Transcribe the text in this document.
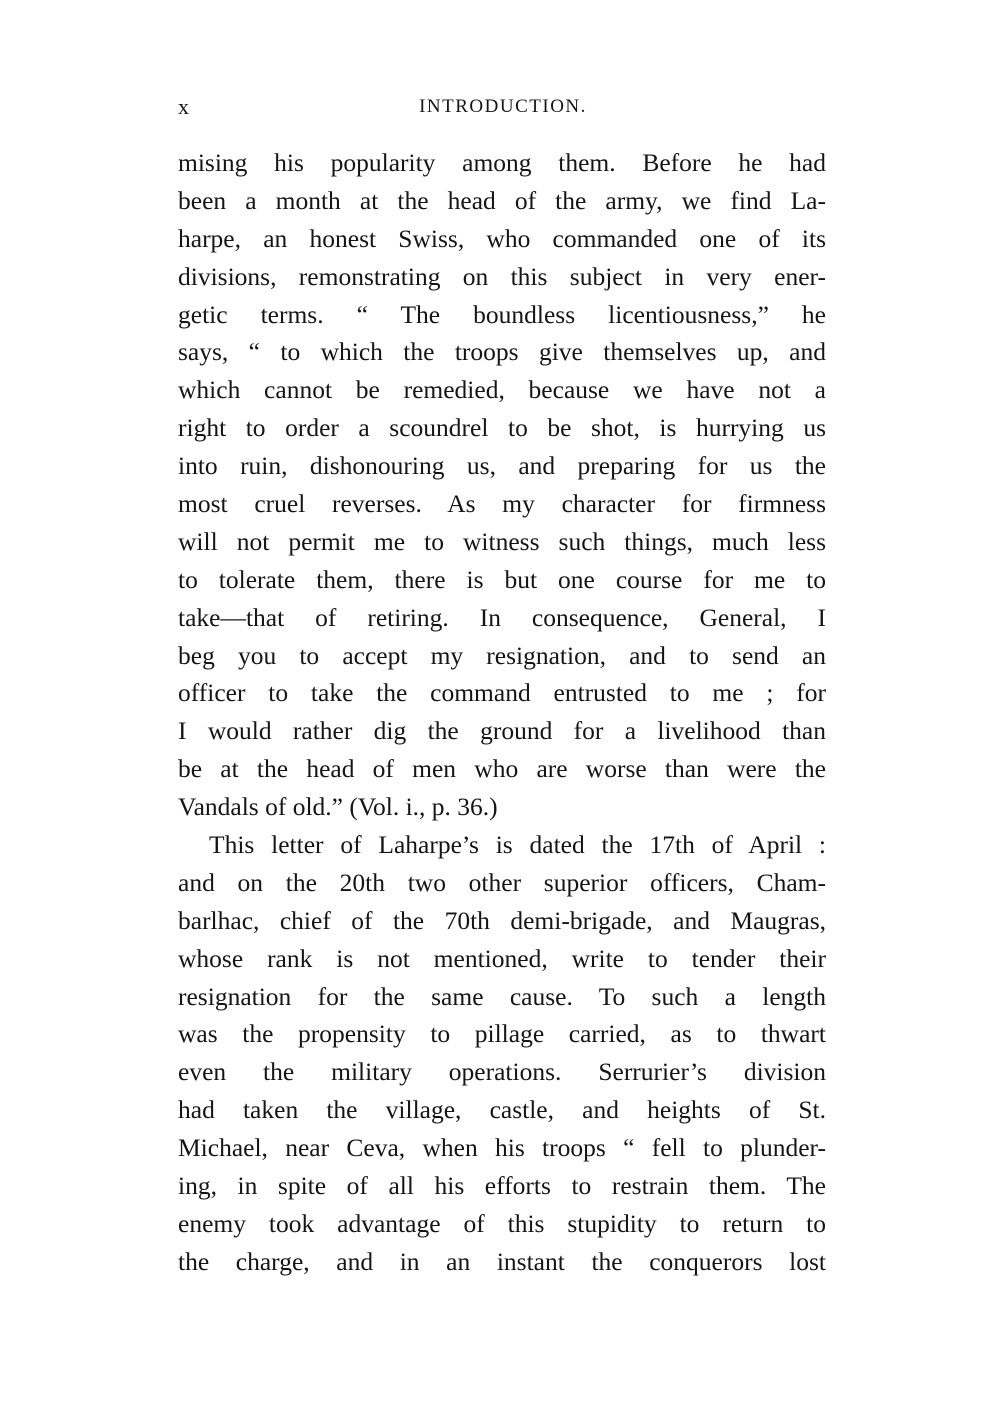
x	INTRODUCTION.
mising his popularity among them. Before he had
been a month at the head of the army, we find La-
harpe, an honest Swiss, who commanded one of its
divisions, remonstrating on this subject in very ener-
getic terms. “ The boundless licentiousness,” he
says, “ to which the troops give themselves up, and
which cannot be remedied, because we have not a
right to order a scoundrel to be shot, is hurrying us
into ruin, dishonouring us, and preparing for us the
most cruel reverses. As my character for firmness
will not permit me to witness such things, much less
to tolerate them, there is but one course for me to
take—that of retiring. In consequence, General, I
beg you to accept my resignation, and to send an
officer to take the command entrusted to me ; for
I would rather dig the ground for a livelihood than
be at the head of men who are worse than were the
Vandals of old.” (Vol. i., p. 36.)
This letter of Laharpe’s is dated the 17th of April :
and on the 20th two other superior officers, Cham-
barlhac, chief of the 70th demi-brigade, and Maugras,
whose rank is not mentioned, write to tender their
resignation for the same cause. To such a length
was the propensity to pillage carried, as to thwart
even the military operations. Serrurier’s division
had taken the village, castle, and heights of St.
Michael, near Ceva, when his troops “ fell to plunder-
ing, in spite of all his efforts to restrain them. The
enemy took advantage of this stupidity to return to
the charge, and in an instant the conquerors lost
